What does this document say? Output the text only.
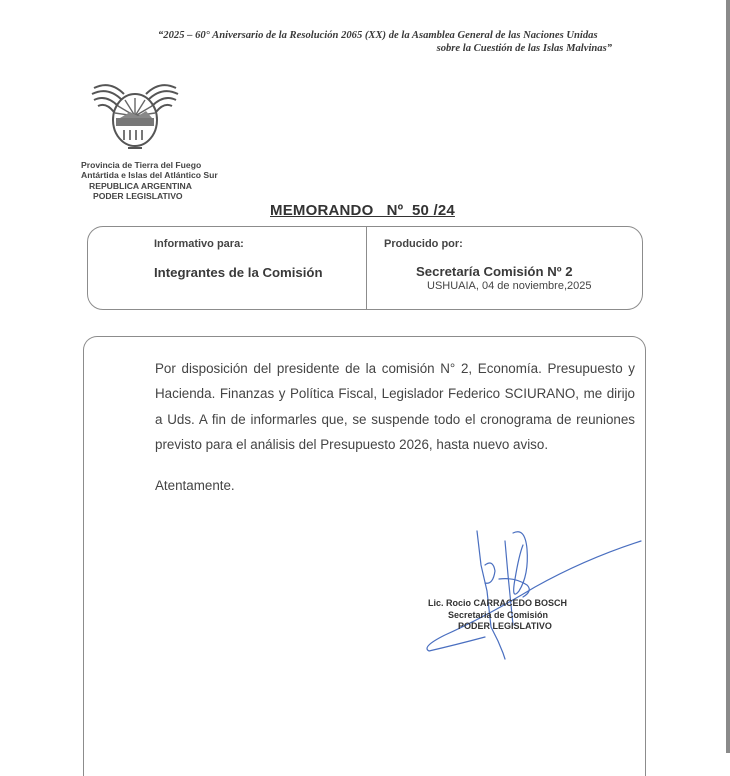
“2025 – 60° Aniversario de la Resolución 2065 (XX) de la Asamblea General de las Naciones Unidas
sobre la Cuestión de las Islas Malvinas”
Provincia de Tierra del Fuego
Antártida e Islas del Atlántico Sur
REPUBLICA ARGENTINA
PODER LEGISLATIVO
MEMORANDO   Nº  50 /24
Informativo para:
Integrantes de la Comisión
Producido por:
Secretaría Comisión Nº 2
USHUAIA, 04 de noviembre,2025

Por disposición del presidente de la comisión N° 2, Economía. Presupuesto y Hacienda. Finanzas y Política Fiscal, Legislador Federico SCIURANO, me dirijo a Uds. A fin de informarles que, se suspende todo el cronograma de reuniones previsto para el análisis del Presupuesto 2026, hasta nuevo aviso.

Atentamente.
Lic. Rocio CARRACEDO BOSCH
Secretaria de Comisión
PODER LEGISLATIVO
